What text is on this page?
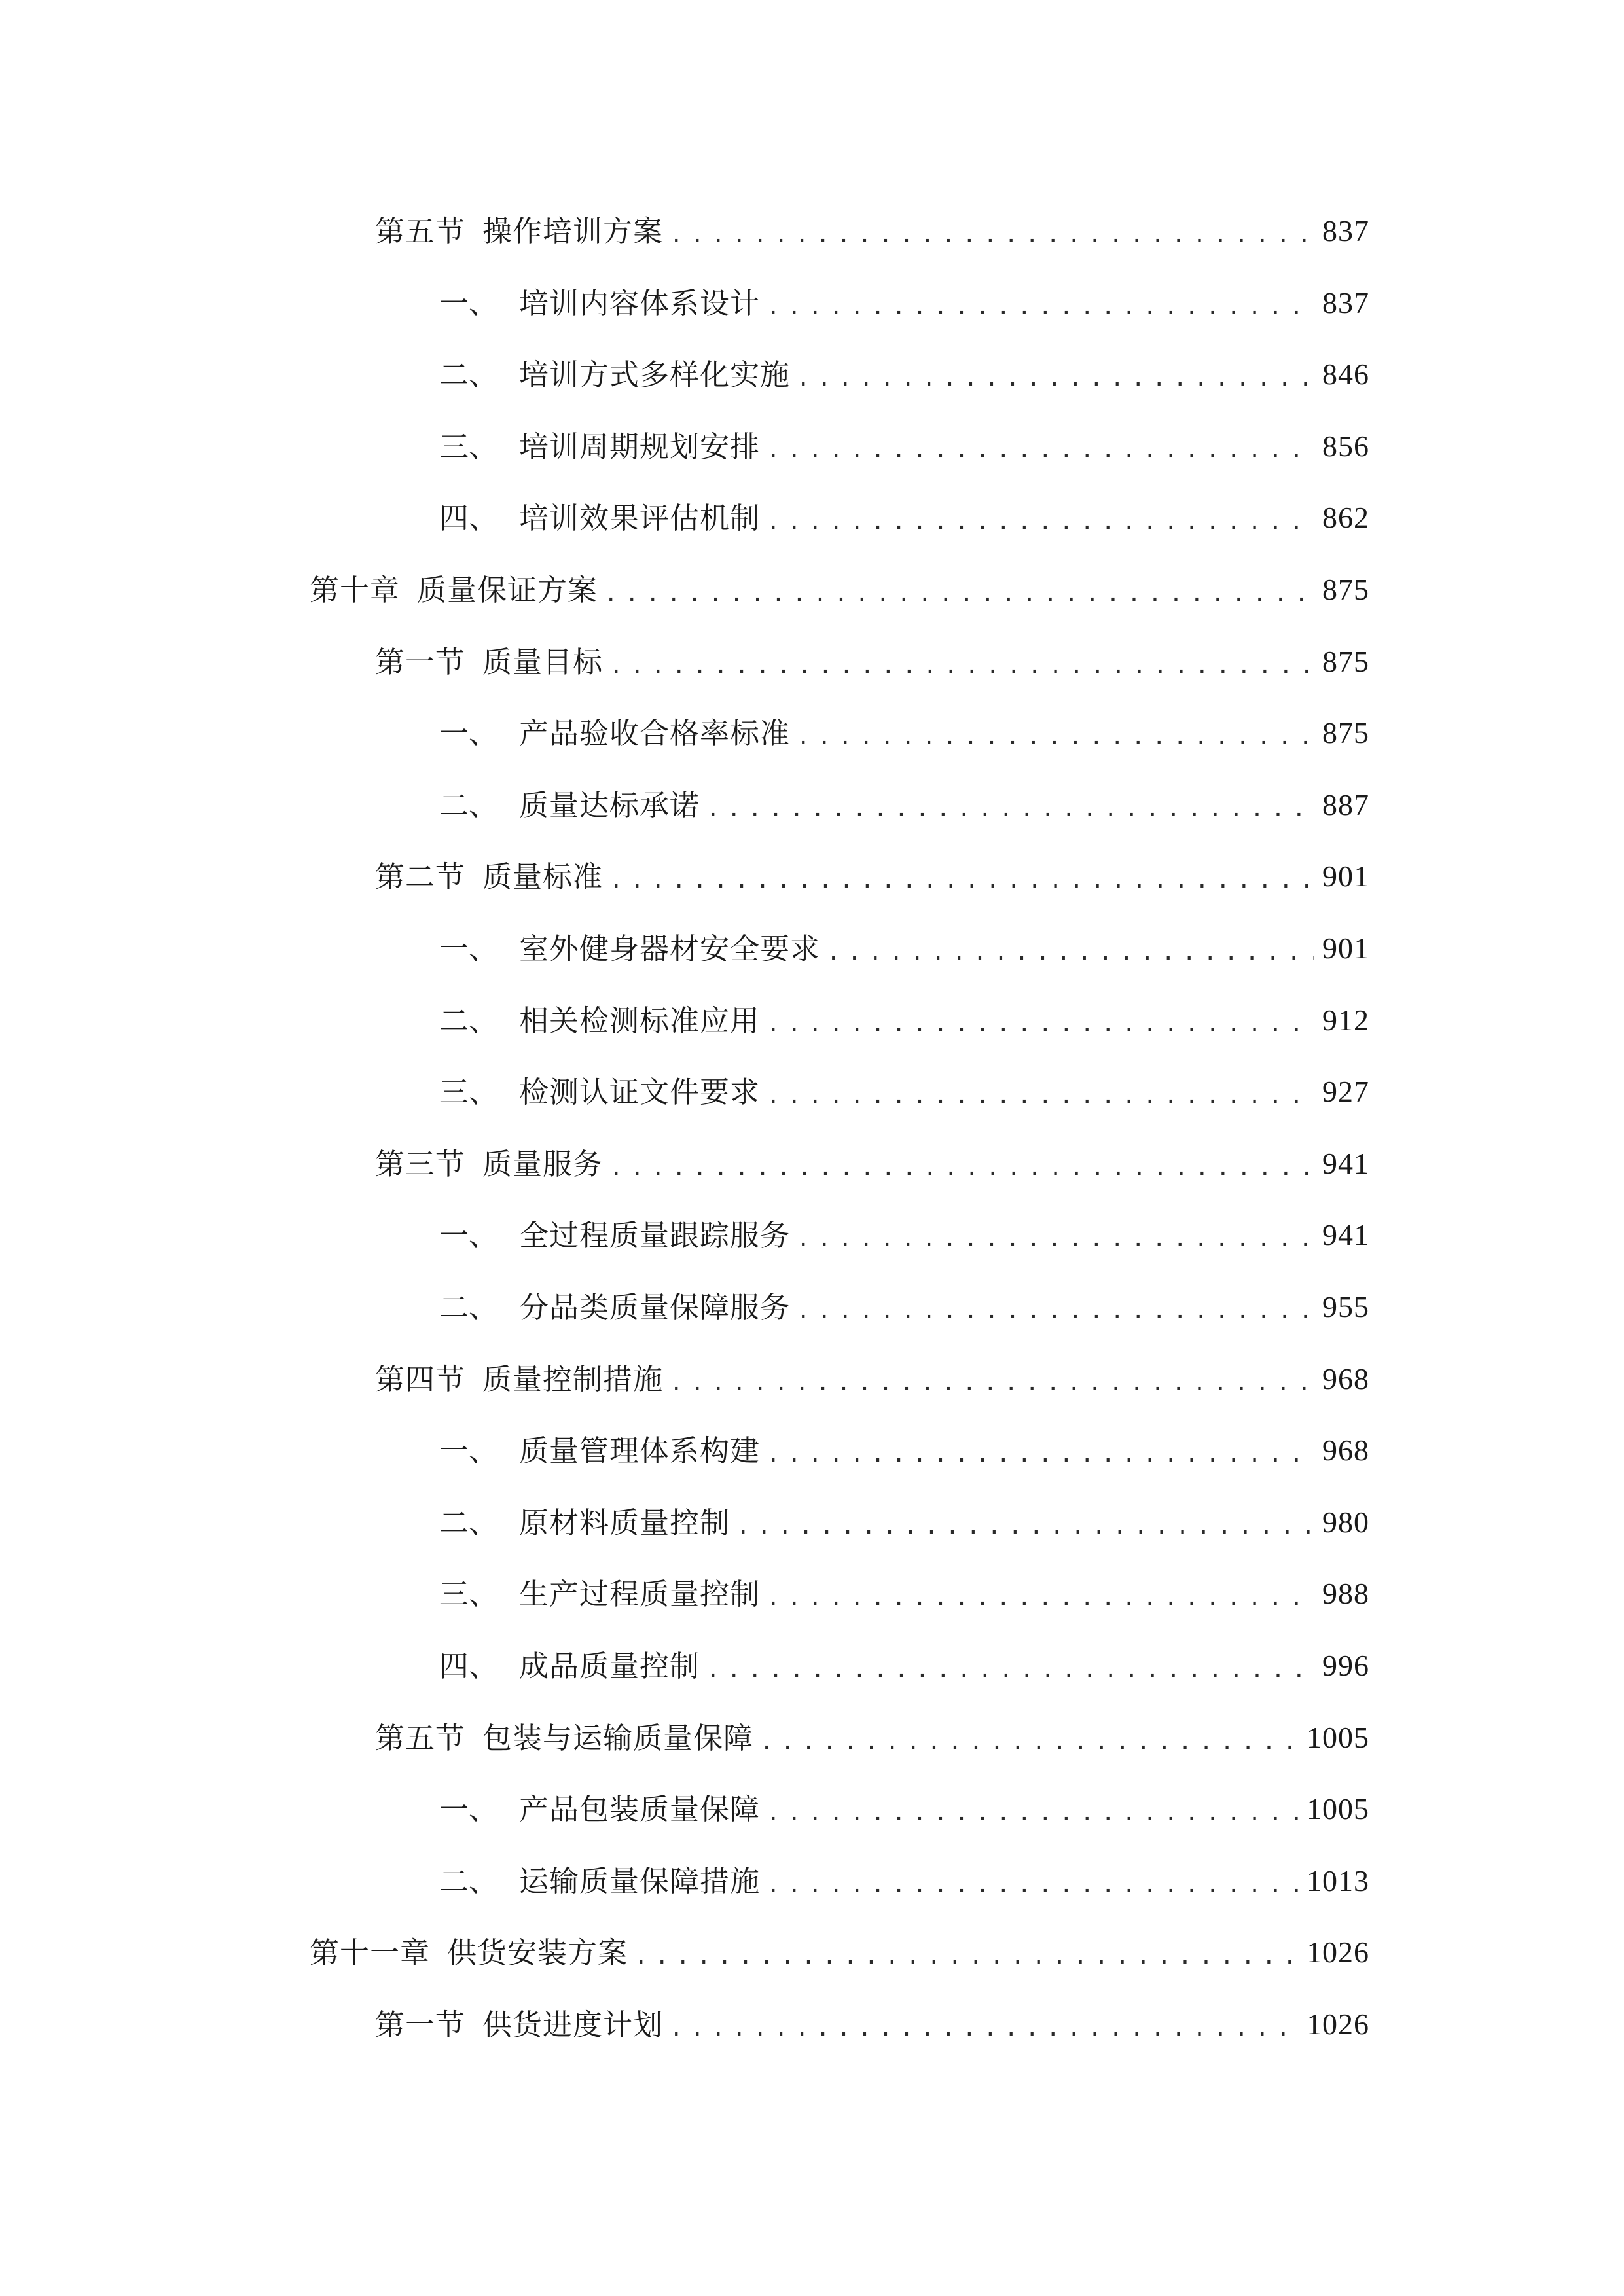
第五节 操作培训方案 .....	837
一、 培训内容体系设计 .....	837
二、 培训方式多样化实施 .....	846
三、 培训周期规划安排 .....	856
四、 培训效果评估机制 .....	862
第十章 质量保证方案 .....	875
第一节 质量目标 .....	875
一、 产品验收合格率标准 .....	875
二、 质量达标承诺 .....	887
第二节 质量标准 .....	901
一、 室外健身器材安全要求 .....	901
二、 相关检测标准应用 .....	912
三、 检测认证文件要求 .....	927
第三节 质量服务 .....	941
一、 全过程质量跟踪服务 .....	941
二、 分品类质量保障服务 .....	955
第四节 质量控制措施 .....	968
一、 质量管理体系构建 .....	968
二、 原材料质量控制 .....	980
三、 生产过程质量控制 .....	988
四、 成品质量控制 .....	996
第五节 包装与运输质量保障 .....	1005
一、 产品包装质量保障 .....	1005
二、 运输质量保障措施 .....	1013
第十一章 供货安装方案 .....	1026
第一节 供货进度计划 .....	1026
